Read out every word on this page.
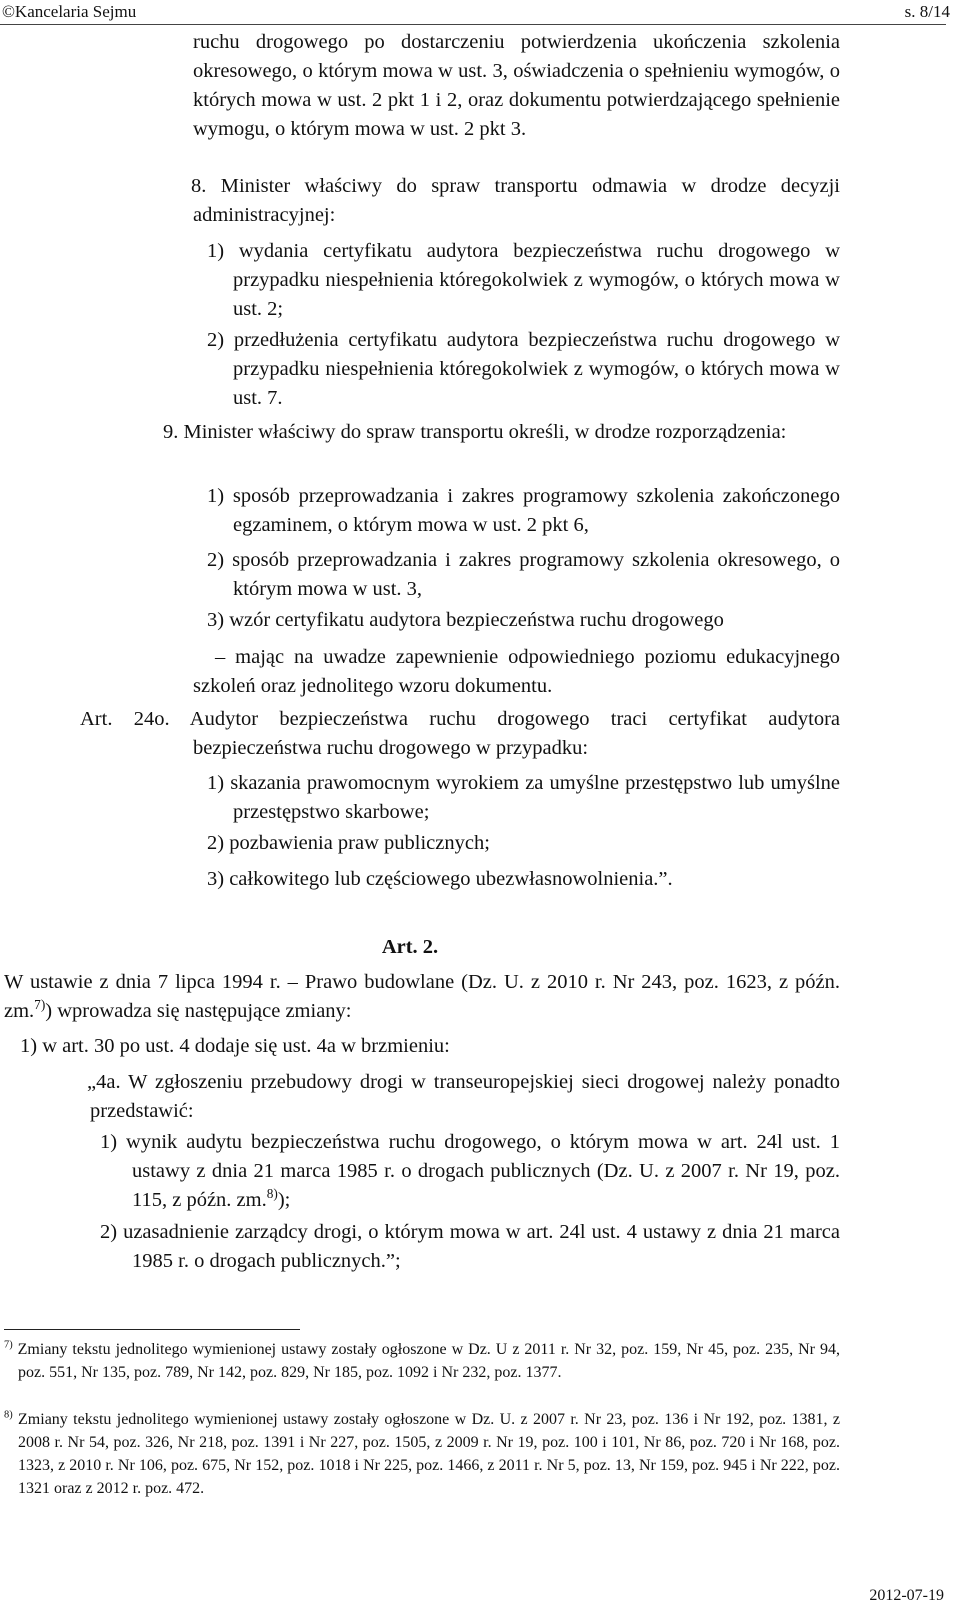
©Kancelaria Sejmu	s. 8/14
ruchu drogowego po dostarczeniu potwierdzenia ukończenia szkolenia okresowego, o którym mowa w ust. 3, oświadczenia o spełnieniu wymogów, o których mowa w ust. 2 pkt 1 i 2, oraz dokumentu potwierdzającego spełnienie wymogu, o którym mowa w ust. 2 pkt 3.
8. Minister właściwy do spraw transportu odmawia w drodze decyzji administracyjnej:
1) wydania certyfikatu audytora bezpieczeństwa ruchu drogowego w przypadku niespełnienia któregokolwiek z wymogów, o których mowa w ust. 2;
2) przedłużenia certyfikatu audytora bezpieczeństwa ruchu drogowego w przypadku niespełnienia któregokolwiek z wymogów, o których mowa w ust. 7.
9. Minister właściwy do spraw transportu określi, w drodze rozporządzenia:
1) sposób przeprowadzania i zakres programowy szkolenia zakończonego egzaminem, o którym mowa w ust. 2 pkt 6,
2) sposób przeprowadzania i zakres programowy szkolenia okresowego, o którym mowa w ust. 3,
3) wzór certyfikatu audytora bezpieczeństwa ruchu drogowego
– mając na uwadze zapewnienie odpowiedniego poziomu edukacyjnego szkoleń oraz jednolitego wzoru dokumentu.
Art. 24o. Audytor bezpieczeństwa ruchu drogowego traci certyfikat audytora bezpieczeństwa ruchu drogowego w przypadku:
1) skazania prawomocnym wyrokiem za umyślne przestępstwo lub umyślne przestępstwo skarbowe;
2) pozbawienia praw publicznych;
3) całkowitego lub częściowego ubezwłasnowolnienia.”.
Art. 2.
W ustawie z dnia 7 lipca 1994 r. – Prawo budowlane (Dz. U. z 2010 r. Nr 243, poz. 1623, z późn. zm.$^{7)}$) wprowadza się następujące zmiany:
1) w art. 30 po ust. 4 dodaje się ust. 4a w brzmieniu:
„4a. W zgłoszeniu przebudowy drogi w transeuropejskiej sieci drogowej należy ponadto przedstawić:
1) wynik audytu bezpieczeństwa ruchu drogowego, o którym mowa w art. 24l ust. 1 ustawy z dnia 21 marca 1985 r. o drogach publicznych (Dz. U. z 2007 r. Nr 19, poz. 115, z późn. zm.$^{8)}$);
2) uzasadnienie zarządcy drogi, o którym mowa w art. 24l ust. 4 ustawy z dnia 21 marca 1985 r. o drogach publicznych.”;
$^{7)}$ Zmiany tekstu jednolitego wymienionej ustawy zostały ogłoszone w Dz. U z 2011 r. Nr 32, poz. 159, Nr 45, poz. 235, Nr 94, poz. 551, Nr 135, poz. 789, Nr 142, poz. 829, Nr 185, poz. 1092 i Nr 232, poz. 1377.
$^{8)}$ Zmiany tekstu jednolitego wymienionej ustawy zostały ogłoszone w Dz. U. z 2007 r. Nr 23, poz. 136 i Nr 192, poz. 1381, z 2008 r. Nr 54, poz. 326, Nr 218, poz. 1391 i Nr 227, poz. 1505, z 2009 r. Nr 19, poz. 100 i 101, Nr 86, poz. 720 i Nr 168, poz. 1323, z 2010 r. Nr 106, poz. 675, Nr 152, poz. 1018 i Nr 225, poz. 1466, z 2011 r. Nr 5, poz. 13, Nr 159, poz. 945 i Nr 222, poz. 1321 oraz z 2012 r. poz. 472.
2012-07-19
